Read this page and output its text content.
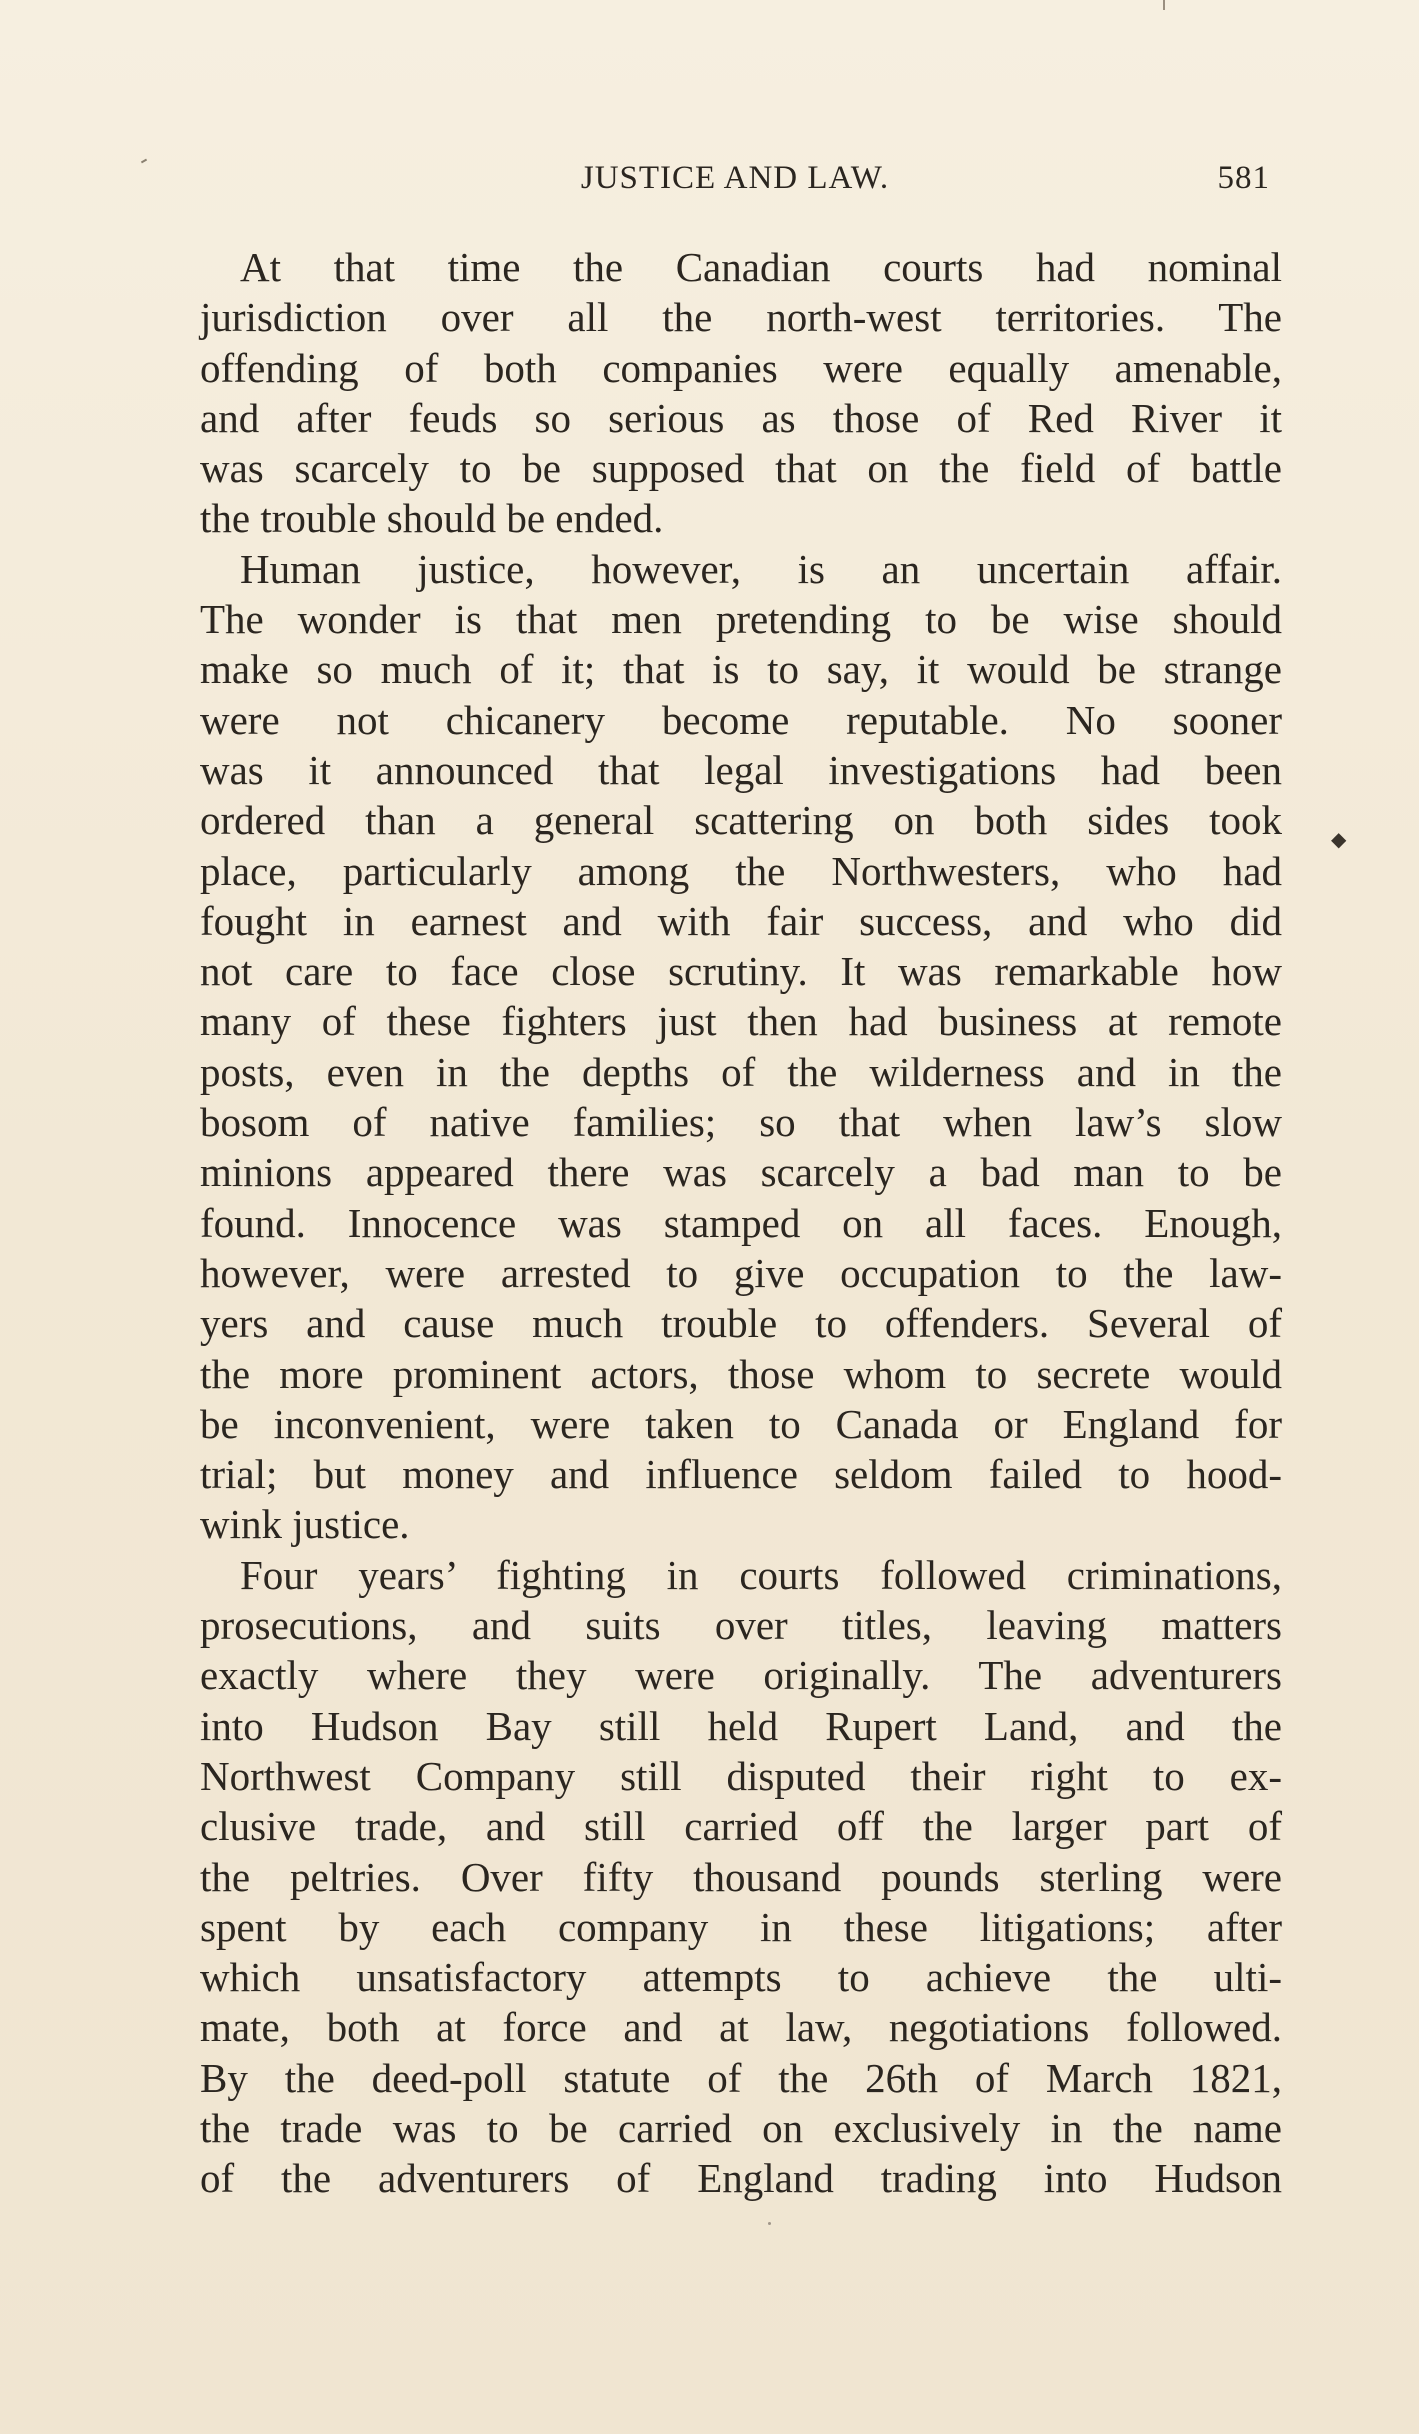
JUSTICE AND LAW.	581
◆
At that time the Canadian courts had nominal
jurisdiction over all the north-west territories. The
offending of both companies were equally amenable,
and after feuds so serious as those of Red River it
was scarcely to be supposed that on the field of battle
the trouble should be ended.
Human justice, however, is an uncertain affair.
The wonder is that men pretending to be wise should
make so much of it; that is to say, it would be strange
were not chicanery become reputable. No sooner
was it announced that legal investigations had been
ordered than a general scattering on both sides took
place, particularly among the Northwesters, who had
fought in earnest and with fair success, and who did
not care to face close scrutiny. It was remarkable how
many of these fighters just then had business at remote
posts, even in the depths of the wilderness and in the
bosom of native families; so that when law’s slow
minions appeared there was scarcely a bad man to be
found. Innocence was stamped on all faces. Enough,
however, were arrested to give occupation to the law-
yers and cause much trouble to offenders. Several of
the more prominent actors, those whom to secrete would
be inconvenient, were taken to Canada or England for
trial; but money and influence seldom failed to hood-
wink justice.
Four years’ fighting in courts followed criminations,
prosecutions, and suits over titles, leaving matters
exactly where they were originally. The adventurers
into Hudson Bay still held Rupert Land, and the
Northwest Company still disputed their right to ex-
clusive trade, and still carried off the larger part of
the peltries. Over fifty thousand pounds sterling were
spent by each company in these litigations; after
which unsatisfactory attempts to achieve the ulti-
mate, both at force and at law, negotiations followed.
By the deed-poll statute of the 26th of March 1821,
the trade was to be carried on exclusively in the name
of the adventurers of England trading into Hudson
